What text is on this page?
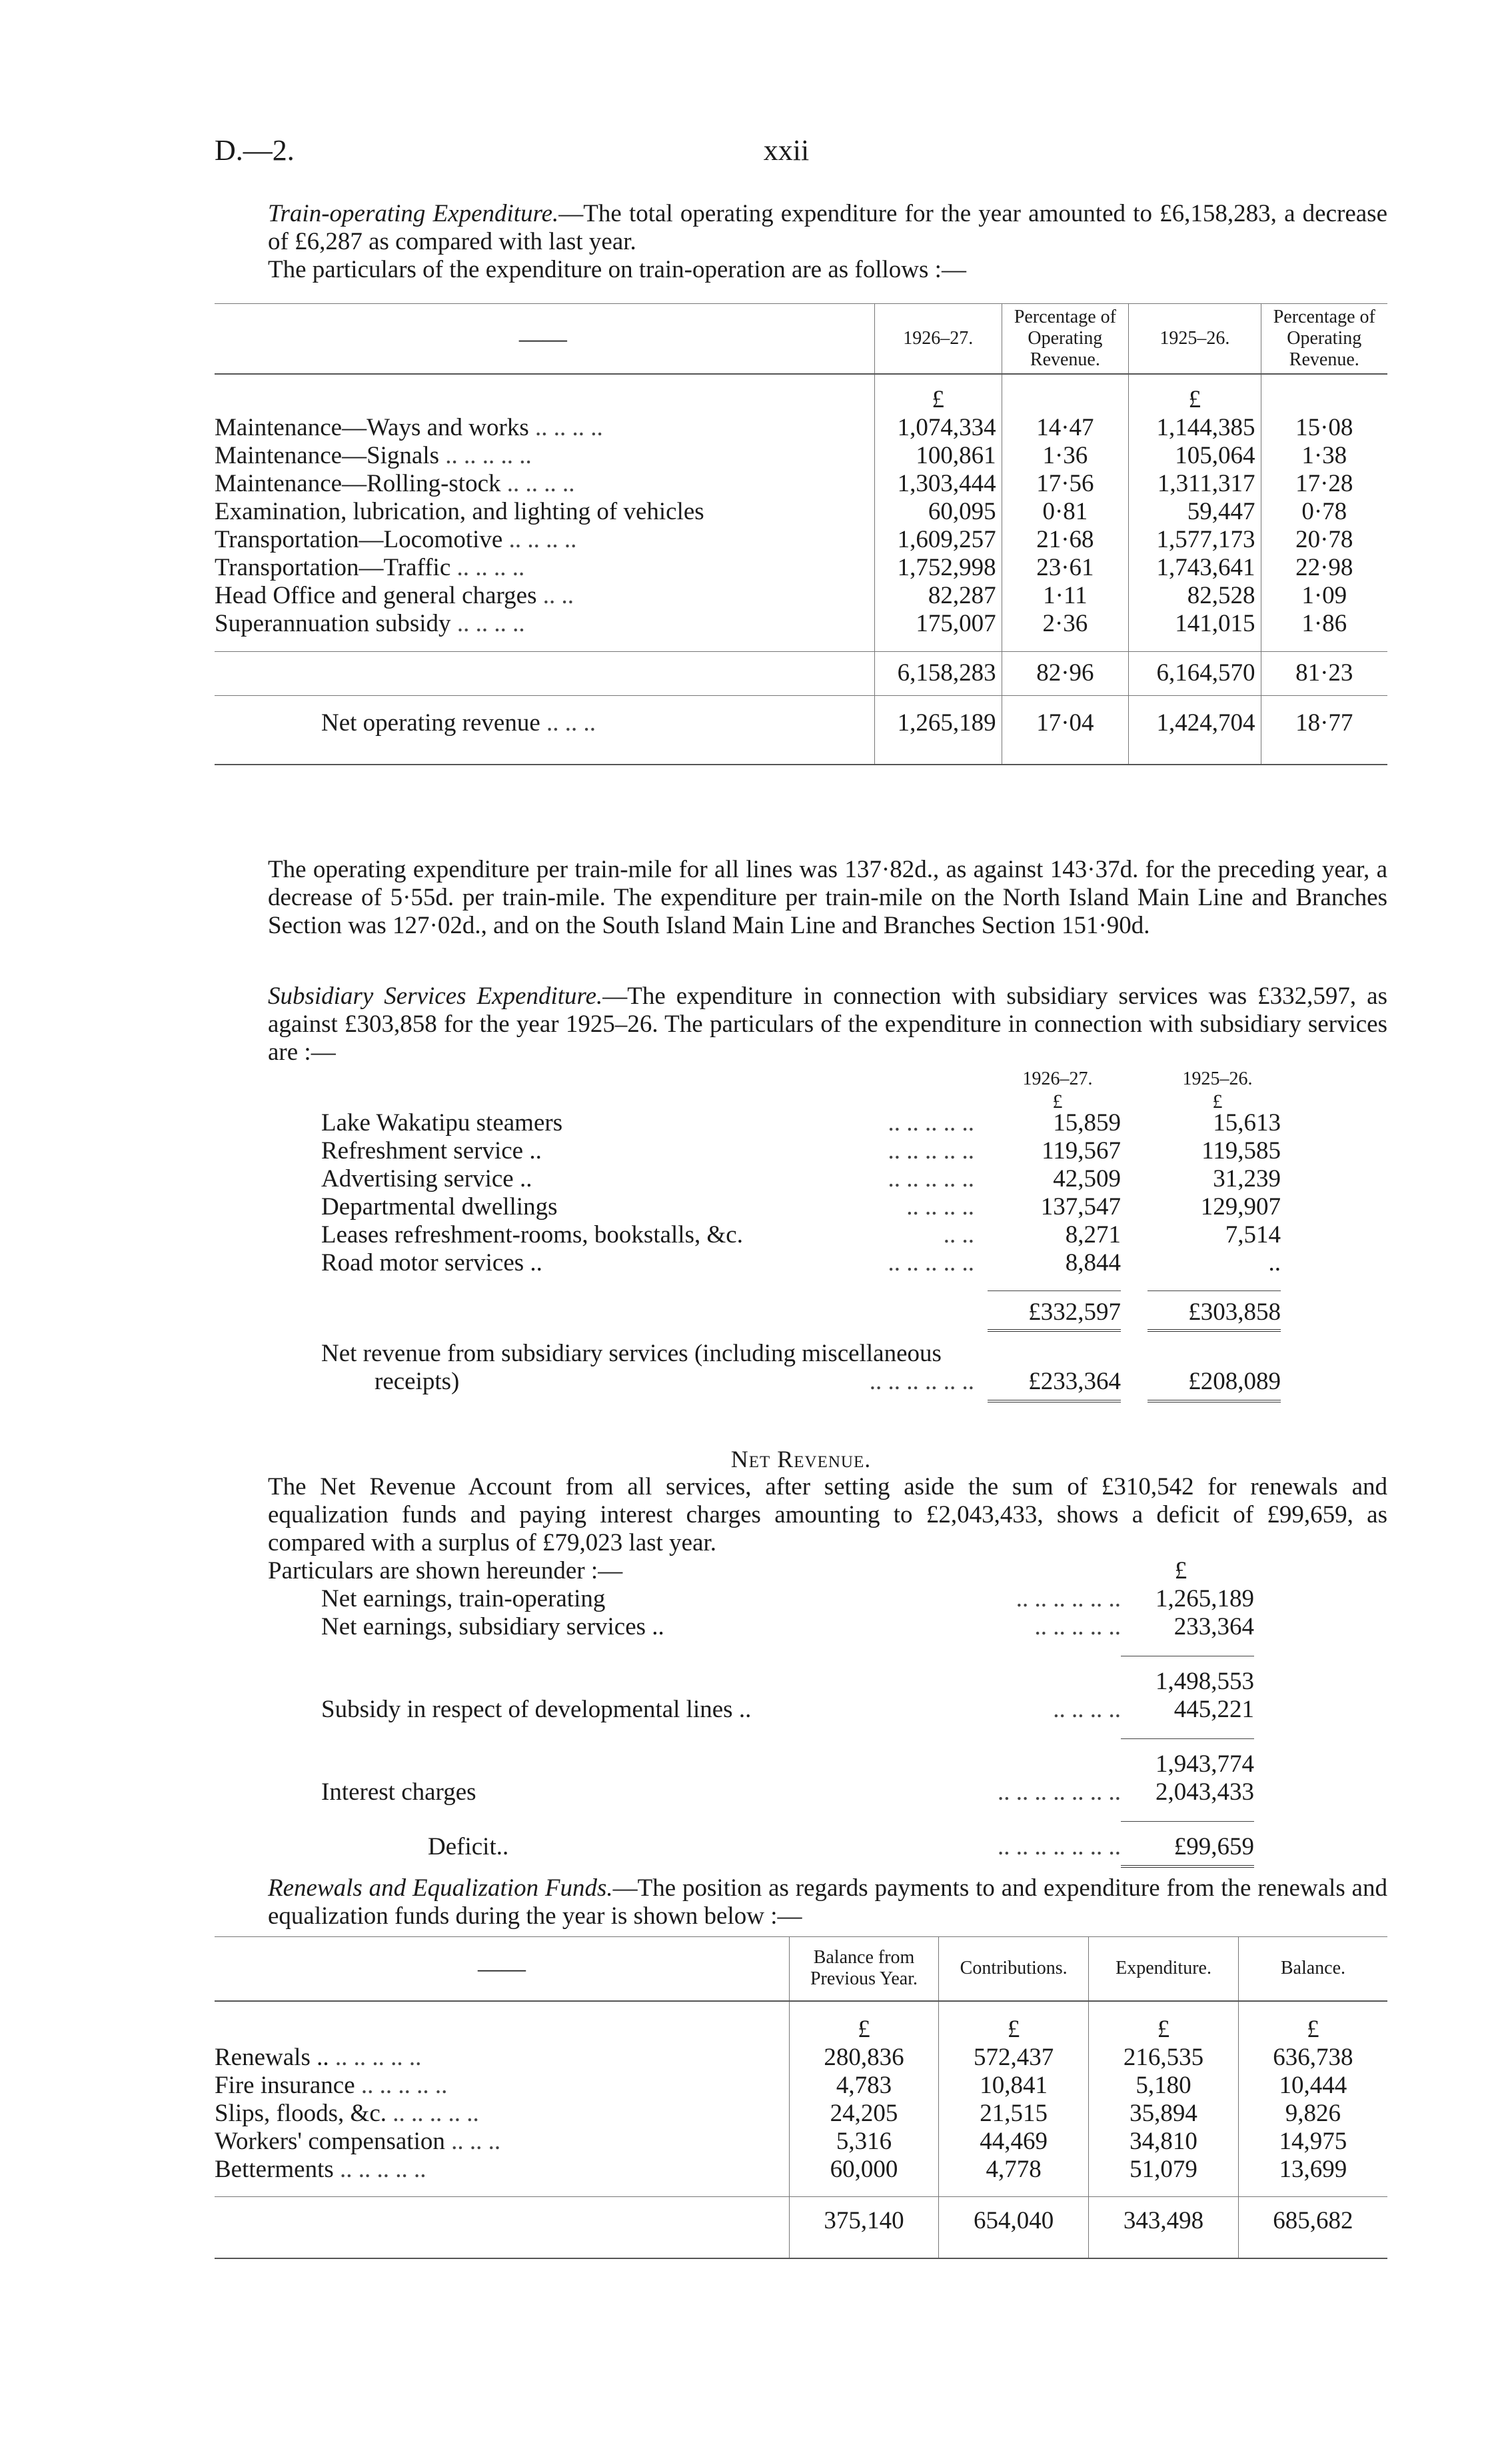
D.—2.	xxii
Train-operating Expenditure.—The total operating expenditure for the year amounted to £6,158,283, a decrease of £6,287 as compared with last year.
The particulars of the expenditure on train-operation are as follows :—
——	1926–27.	Percentage of Operating Revenue.	1925–26.	Percentage of Operating Revenue.
	£		£	
Maintenance—Ways and works .. .. .. ..	1,074,334	14·47	1,144,385	15·08
Maintenance—Signals .. .. .. .. ..	100,861	1·36	105,064	1·38
Maintenance—Rolling-stock .. .. .. ..	1,303,444	17·56	1,311,317	17·28
Examination, lubrication, and lighting of vehicles	60,095	0·81	59,447	0·78
Transportation—Locomotive .. .. .. ..	1,609,257	21·68	1,577,173	20·78
Transportation—Traffic .. .. .. ..	1,752,998	23·61	1,743,641	22·98
Head Office and general charges .. ..	82,287	1·11	82,528	1·09
Superannuation subsidy .. .. .. ..	175,007	2·36	141,015	1·86

	6,158,283	82·96	6,164,570	81·23
Net operating revenue .. .. ..	1,265,189	17·04	1,424,704	18·77

The operating expenditure per train-mile for all lines was 137·82d., as against 143·37d. for the preceding year, a decrease of 5·55d. per train-mile. The expenditure per train-mile on the North Island Main Line and Branches Section was 127·02d., and on the South Island Main Line and Branches Section 151·90d.
Subsidiary Services Expenditure.—The expenditure in connection with subsidiary services was £332,597, as against £303,858 for the year 1925–26. The particulars of the expenditure in connection with subsidiary services are :—
1926–27.	1925–26.
£	£
Lake Wakatipu steamers	.. .. .. .. ..	15,859	15,613
Refreshment service ..	.. .. .. .. ..	119,567	119,585
Advertising service ..	.. .. .. .. ..	42,509	31,239
Departmental dwellings	.. .. .. ..	137,547	129,907
Leases refreshment-rooms, bookstalls, &c.	.. ..	8,271	7,514
Road motor services ..	.. .. .. .. ..	8,844	..
£332,597	£303,858
Net revenue from subsidiary services (including miscellaneous
receipts)	.. .. .. .. .. ..	£233,364	£208,089
Net Revenue.
The Net Revenue Account from all services, after setting aside the sum of £310,542 for renewals and equalization funds and paying interest charges amounting to £2,043,433, shows a deficit of £99,659, as compared with a surplus of £79,023 last year.
Particulars are shown hereunder :—	£
Net earnings, train-operating	.. .. .. .. .. ..	1,265,189
Net earnings, subsidiary services ..	.. .. .. .. ..	233,364
1,498,553
Subsidy in respect of developmental lines ..	.. .. .. ..	445,221
1,943,774
Interest charges	.. .. .. .. .. .. ..	2,043,433
Deficit..	.. .. .. .. .. .. ..	£99,659
Renewals and Equalization Funds.—The position as regards payments to and expenditure from the renewals and equalization funds during the year is shown below :—
——	Balance from Previous Year.	Contributions.	Expenditure.	Balance.
	£	£	£	£
Renewals .. .. .. .. .. ..	280,836	572,437	216,535	636,738
Fire insurance .. .. .. .. ..	4,783	10,841	5,180	10,444
Slips, floods, &c. .. .. .. .. ..	24,205	21,515	35,894	9,826
Workers' compensation .. .. ..	5,316	44,469	34,810	14,975
Betterments .. .. .. .. ..	60,000	4,778	51,079	13,699

	375,140	654,040	343,498	685,682
